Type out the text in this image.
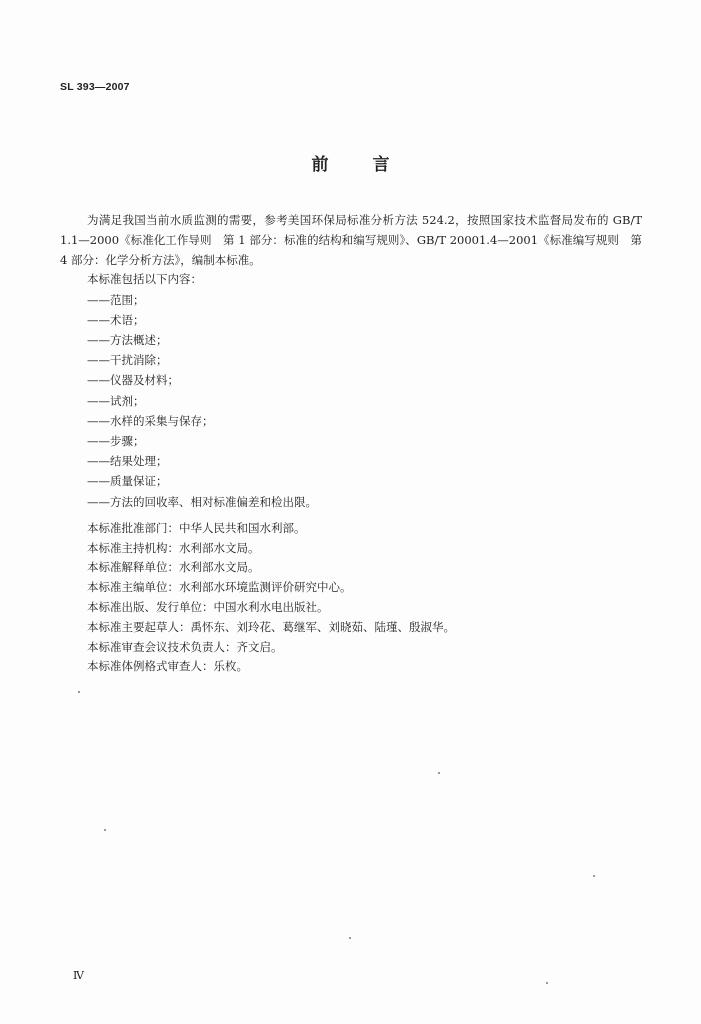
SL 393—2007
前言

为满足我国当前水质监测的需要，参考美国环保局标准分析方法 524.2，按照国家技术监督局发布的 GB/T 1.1—2000《标准化工作导则　第 1 部分：标准的结构和编写规则》、GB/T 20001.4—2001《标准编写规则　第 4 部分：化学分析方法》，编制本标准。

本标准包括以下内容：

——范围；

——术语；

——方法概述；

——干扰消除；

——仪器及材料；

——试剂；

——水样的采集与保存；

——步骤；

——结果处理；

——质量保证；

——方法的回收率、相对标准偏差和检出限。

本标准批准部门：中华人民共和国水利部。

本标准主持机构：水利部水文局。

本标准解释单位：水利部水文局。

本标准主编单位：水利部水环境监测评价研究中心。

本标准出版、发行单位：中国水利水电出版社。

本标准主要起草人：禹怀东、刘玲花、葛继军、刘晓茹、陆瑾、殷淑华。

本标准审查会议技术负责人：齐文启。

本标准体例格式审查人：乐枚。

Ⅳ
